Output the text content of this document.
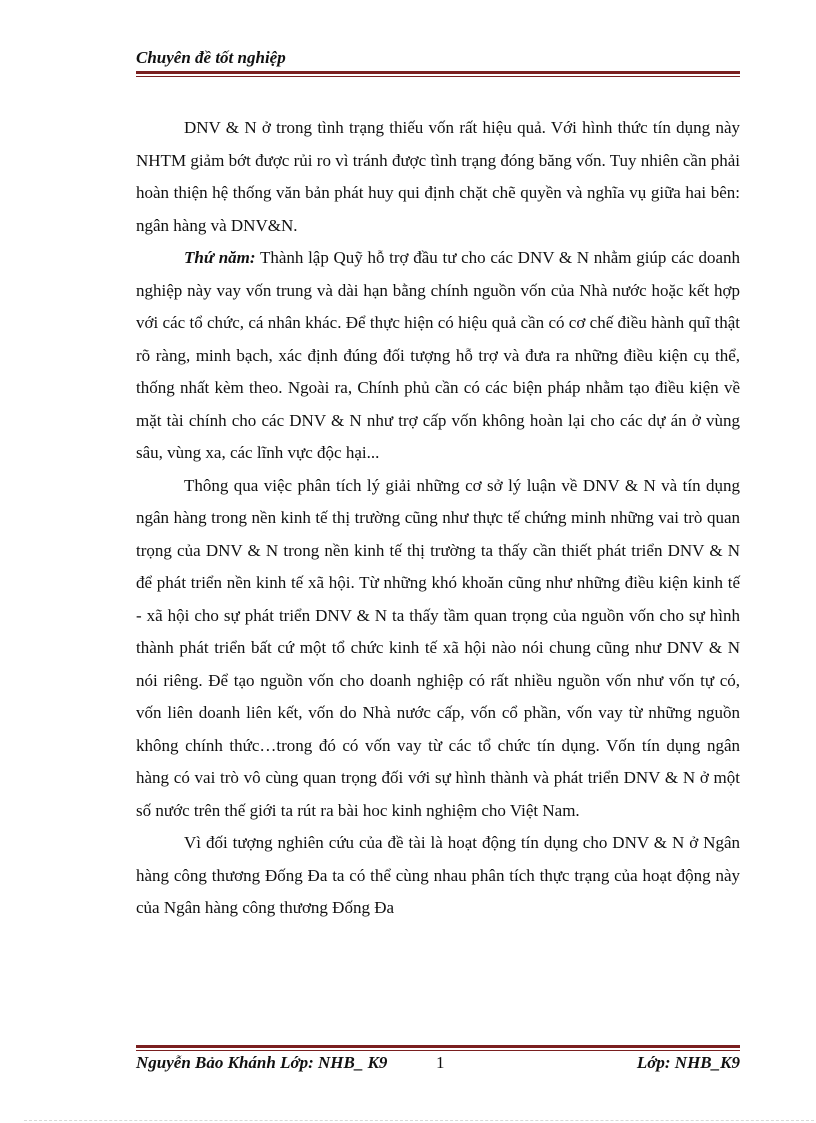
Chuyên đề tốt nghiệp

DNV & N ở trong tình trạng thiếu vốn rất hiệu quả. Với hình thức tín dụng này NHTM giảm bớt được rủi ro vì tránh được tình trạng đóng băng vốn. Tuy nhiên cần phải hoàn thiện hệ thống văn bản phát huy qui định chặt chẽ quyền và nghĩa vụ giữa hai bên: ngân hàng và DNV&N.

Thứ năm: Thành lập Quỹ hỗ trợ đầu tư cho các DNV & N nhằm giúp các doanh nghiệp này vay vốn trung và dài hạn bằng chính nguồn vốn của Nhà nước hoặc kết hợp với các tổ chức, cá nhân khác. Để thực hiện có hiệu quả cần có cơ chế điều hành quĩ thật rõ ràng, minh bạch, xác định đúng đối tượng hỗ trợ và đưa ra những điều kiện cụ thể, thống nhất kèm theo. Ngoài ra, Chính phủ cần có các biện pháp nhằm tạo điều kiện về mặt tài chính cho các DNV & N như trợ cấp vốn không hoàn lại cho các dự án ở vùng sâu, vùng xa, các lĩnh vực độc hại...

Thông qua việc phân tích lý giải những cơ sở lý luận về DNV & N và tín dụng ngân hàng trong nền kinh tế thị trường cũng như thực tế chứng minh những vai trò quan trọng của DNV & N trong nền kinh tế thị trường ta thấy cần thiết phát triển DNV & N để phát triển nền kinh tế xã hội. Từ những khó khoăn cũng như những điều kiện kinh tế - xã hội cho sự phát triển DNV & N ta thấy tầm quan trọng của nguồn vốn cho sự hình thành phát triển bất cứ một tổ chức kinh tế xã hội nào nói chung cũng như DNV & N nói riêng. Để tạo nguồn vốn cho doanh nghiệp có rất nhiều nguồn vốn như vốn tự có, vốn liên doanh liên kết, vốn do Nhà nước cấp, vốn cổ phần, vốn vay từ những nguồn không chính thức…trong đó có vốn vay từ các tổ chức tín dụng. Vốn tín dụng ngân hàng có vai trò vô cùng quan trọng đối với sự hình thành và phát triển DNV & N ở một số nước trên thế giới ta rút ra bài hoc kinh nghiệm cho Việt Nam.

Vì đối tượng nghiên cứu của đề tài là hoạt động tín dụng cho DNV & N ở Ngân hàng công thương Đống Đa ta có thể cùng nhau phân tích thực trạng của hoạt động này của Ngân hàng công thương Đống Đa

Nguyễn Bảo Khánh Lớp: NHB_ K9	1	Lớp: NHB_K9
